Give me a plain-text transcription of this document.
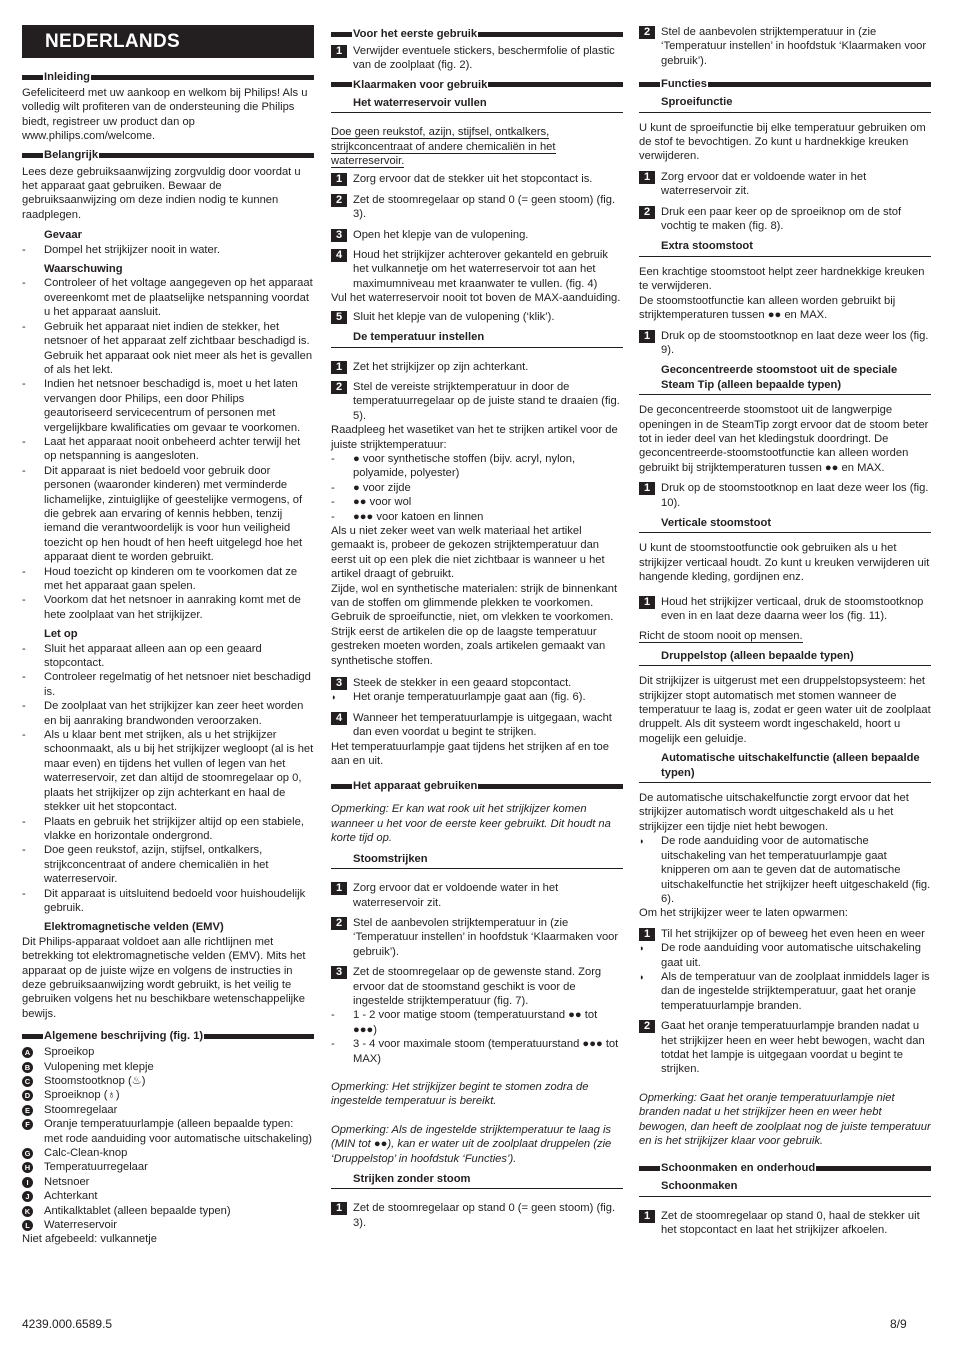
NEDERLANDS
Inleiding

Gefeliciteerd met uw aankoop en welkom bij Philips! Als u volledig wilt profiteren van de ondersteuning die Philips biedt, registreer uw product dan op www.philips.com/welcome.

Belangrijk

Lees deze gebruiksaanwijzing zorgvuldig door voordat u het apparaat gaat gebruiken. Bewaar de gebruiksaanwijzing om deze indien nodig te kunnen raadplegen.

Gevaar
-	Dompel het strijkijzer nooit in water.
Waarschuwing
-	Controleer of het voltage aangegeven op het apparaat overeenkomt met de plaatselijke netspanning voordat u het apparaat aansluit.
-	Gebruik het apparaat niet indien de stekker, het netsnoer of het apparaat zelf zichtbaar beschadigd is. Gebruik het apparaat ook niet meer als het is gevallen of als het lekt.
-	Indien het netsnoer beschadigd is, moet u het laten vervangen door Philips, een door Philips geautoriseerd servicecentrum of personen met vergelijkbare kwalificaties om gevaar te voorkomen.
-	Laat het apparaat nooit onbeheerd achter terwijl het op netspanning is aangesloten.
-	Dit apparaat is niet bedoeld voor gebruik door personen (waaronder kinderen) met verminderde lichamelijke, zintuiglijke of geestelijke vermogens, of die gebrek aan ervaring of kennis hebben, tenzij iemand die verantwoordelijk is voor hun veiligheid toezicht op hen houdt of hen heeft uitgelegd hoe het apparaat dient te worden gebruikt.
-	Houd toezicht op kinderen om te voorkomen dat ze met het apparaat gaan spelen.
-	Voorkom dat het netsnoer in aanraking komt met de hete zoolplaat van het strijkijzer.
Let op
-	Sluit het apparaat alleen aan op een geaard stopcontact.
-	Controleer regelmatig of het netsnoer niet beschadigd is.
-	De zoolplaat van het strijkijzer kan zeer heet worden en bij aanraking brandwonden veroorzaken.
-	Als u klaar bent met strijken, als u het strijkijzer schoonmaakt, als u bij het strijkijzer wegloopt (al is het maar even) en tijdens het vullen of legen van het waterreservoir, zet dan altijd de stoomregelaar op 0, plaats het strijkijzer op zijn achterkant en haal de stekker uit het stopcontact.
-	Plaats en gebruik het strijkijzer altijd op een stabiele, vlakke en horizontale ondergrond.
-	Doe geen reukstof, azijn, stijfsel, ontkalkers, strijkconcentraat of andere chemicaliën in het waterreservoir.
-	Dit apparaat is uitsluitend bedoeld voor huishoudelijk gebruik.
Elektromagnetische velden (EMV)

Dit Philips-apparaat voldoet aan alle richtlijnen met betrekking tot elektromagnetische velden (EMV). Mits het apparaat op de juiste wijze en volgens de instructies in deze gebruiksaanwijzing wordt gebruikt, is het veilig te gebruiken volgens het nu beschikbare wetenschappelijke bewijs.

Algemene beschrijving (fig. 1)
A	Sproeikop
B	Vulopening met klepje
C	Stoomstootknop (♨)
D	Sproeiknop (♁)
E	Stoomregelaar
F	Oranje temperatuurlampje (alleen bepaalde typen: met rode aanduiding voor automatische uitschakeling)
G	Calc-Clean-knop
H	Temperatuurregelaar
I	Netsnoer
J	Achterkant
K	Antikalktablet (alleen bepaalde typen)
L	Waterreservoir

Niet afgebeeld: vulkannetje

Voor het eerste gebruik
1 Verwijder eventuele stickers, beschermfolie of plastic van de zoolplaat (fig. 2).
Klaarmaken voor gebruik
Het waterreservoir vullen

Doe geen reukstof, azijn, stijfsel, ontkalkers, strijkconcentraat of andere chemicaliën in het waterreservoir.

1 Zorg ervoor dat de stekker uit het stopcontact is.
2 Zet de stoomregelaar op stand 0 (= geen stoom) (fig. 3).
3 Open het klepje van de vulopening.
4 Houd het strijkijzer achterover gekanteld en gebruik het vulkannetje om het waterreservoir tot aan het maximumniveau met kraanwater te vullen. (fig. 4)

Vul het waterreservoir nooit tot boven de MAX-aanduiding.

5 Sluit het klepje van de vulopening (‘klik’).
De temperatuur instellen
1 Zet het strijkijzer op zijn achterkant.
2 Stel de vereiste strijktemperatuur in door de temperatuurregelaar op de juiste stand te draaien (fig. 5).

Raadpleeg het wasetiket van het te strijken artikel voor de juiste strijktemperatuur:

-	● voor synthetische stoffen (bijv. acryl, nylon, polyamide, polyester)
-	● voor zijde
-	●● voor wol
-	●●● voor katoen en linnen

Als u niet zeker weet van welk materiaal het artikel gemaakt is, probeer de gekozen strijktemperatuur dan eerst uit op een plek die niet zichtbaar is wanneer u het artikel draagt of gebruikt.

Zijde, wol en synthetische materialen: strijk de binnenkant van de stoffen om glimmende plekken te voorkomen. Gebruik de sproeifunctie, niet, om vlekken te voorkomen. Strijk eerst de artikelen die op de laagste temperatuur gestreken moeten worden, zoals artikelen gemaakt van synthetische stoffen.

3 Steek de stekker in een geaard stopcontact.
◗	Het oranje temperatuurlampje gaat aan (fig. 6).
4 Wanneer het temperatuurlampje is uitgegaan, wacht dan even voordat u begint te strijken.

Het temperatuurlampje gaat tijdens het strijken af en toe aan en uit.

Het apparaat gebruiken

Opmerking: Er kan wat rook uit het strijkijzer komen wanneer u het voor de eerste keer gebruikt. Dit houdt na korte tijd op.

Stoomstrijken
1 Zorg ervoor dat er voldoende water in het waterreservoir zit.
2 Stel de aanbevolen strijktemperatuur in (zie ‘Temperatuur instellen’ in hoofdstuk ‘Klaarmaken voor gebruik’).
3 Zet de stoomregelaar op de gewenste stand. Zorg ervoor dat de stoomstand geschikt is voor de ingestelde strijktemperatuur (fig. 7).
-	1 - 2 voor matige stoom (temperatuurstand ●● tot ●●●)
-	3 - 4 voor maximale stoom (temperatuurstand ●●● tot MAX)

Opmerking: Het strijkijzer begint te stomen zodra de ingestelde temperatuur is bereikt.

Opmerking: Als de ingestelde strijktemperatuur te laag is (MIN tot ●●), kan er water uit de zoolplaat druppelen (zie ‘Druppelstop’ in hoofdstuk ‘Functies’).

Strijken zonder stoom
1 Zet de stoomregelaar op stand 0 (= geen stoom) (fig. 3).
2 Stel de aanbevolen strijktemperatuur in (zie ‘Temperatuur instellen’ in hoofdstuk ‘Klaarmaken voor gebruik’).
Functies
Sproeifunctie

U kunt de sproeifunctie bij elke temperatuur gebruiken om de stof te bevochtigen. Zo kunt u hardnekkige kreuken verwijderen.

1 Zorg ervoor dat er voldoende water in het waterreservoir zit.
2 Druk een paar keer op de sproeiknop om de stof vochtig te maken (fig. 8).
Extra stoomstoot

Een krachtige stoomstoot helpt zeer hardnekkige kreuken te verwijderen.

De stoomstootfunctie kan alleen worden gebruikt bij strijktemperaturen tussen ●● en MAX.

1 Druk op de stoomstootknop en laat deze weer los (fig. 9).
Geconcentreerde stoomstoot uit de speciale Steam Tip (alleen bepaalde typen)

De geconcentreerde stoomstoot uit de langwerpige openingen in de SteamTip zorgt ervoor dat de stoom beter tot in ieder deel van het kledingstuk doordringt. De geconcentreerde-stoomstootfunctie kan alleen worden gebruikt bij strijktemperaturen tussen ●● en MAX.

1 Druk op de stoomstootknop en laat deze weer los (fig. 10).
Verticale stoomstoot

U kunt de stoomstootfunctie ook gebruiken als u het strijkijzer verticaal houdt. Zo kunt u kreuken verwijderen uit hangende kleding, gordijnen enz.

1 Houd het strijkijzer verticaal, druk de stoomstootknop even in en laat deze daarna weer los (fig. 11).

Richt de stoom nooit op mensen.

Druppelstop (alleen bepaalde typen)

Dit strijkijzer is uitgerust met een druppelstopsysteem: het strijkijzer stopt automatisch met stomen wanneer de temperatuur te laag is, zodat er geen water uit de zoolplaat druppelt. Als dit systeem wordt ingeschakeld, hoort u mogelijk een geluidje.

Automatische uitschakelfunctie (alleen bepaalde typen)

De automatische uitschakelfunctie zorgt ervoor dat het strijkijzer automatisch wordt uitgeschakeld als u het strijkijzer een tijdje niet hebt bewogen.

◗	De rode aanduiding voor de automatische uitschakeling van het temperatuurlampje gaat knipperen om aan te geven dat de automatische uitschakelfunctie het strijkijzer heeft uitgeschakeld (fig. 6).

Om het strijkijzer weer te laten opwarmen:

1 Til het strijkijzer op of beweeg het even heen en weer
◗	De rode aanduiding voor automatische uitschakeling gaat uit.
◗	Als de temperatuur van de zoolplaat inmiddels lager is dan de ingestelde strijktemperatuur, gaat het oranje temperatuurlampje branden.
2 Gaat het oranje temperatuurlampje branden nadat u het strijkijzer heen en weer hebt bewogen, wacht dan totdat het lampje is uitgegaan voordat u begint te strijken.

Opmerking: Gaat het oranje temperatuurlampje niet branden nadat u het strijkijzer heen en weer hebt bewogen, dan heeft de zoolplaat nog de juiste temperatuur en is het strijkijzer klaar voor gebruik.

Schoonmaken en onderhoud
Schoonmaken
1 Zet de stoomregelaar op stand 0, haal de stekker uit het stopcontact en laat het strijkijzer afkoelen.
4239.000.6589.5	8/9
